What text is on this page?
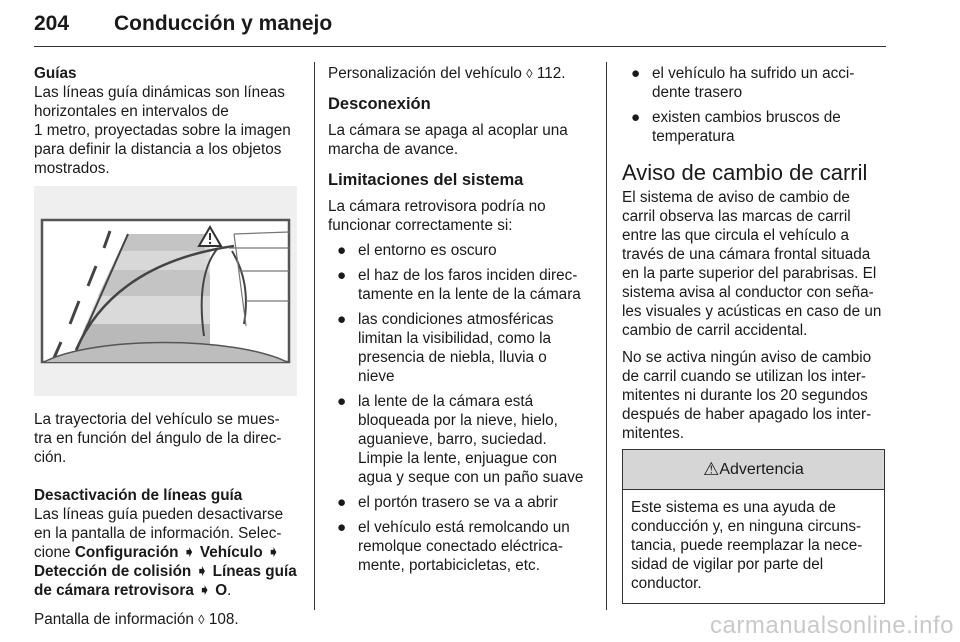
204 Conducción y manejo

Guías

Las líneas guía dinámicas son líneas

horizontales en intervalos de

1 metro, proyectadas sobre la imagen

para definir la distancia a los objetos

mostrados.

La trayectoria del vehículo se mues-

tra en función del ángulo de la direc-

ción.

Desactivación de líneas guía

Las líneas guía pueden desactivarse

en la pantalla de información. Selec-

cione Configuración ➧ Vehículo ➧

Detección de colisión ➧ Líneas guía

de cámara retrovisora ➧ O.

Pantalla de información ◊ 108.

Personalización del vehículo ◊ 112.

Desconexión

La cámara se apaga al acoplar una

marcha de avance.

Limitaciones del sistema

La cámara retrovisora podría no

funcionar correctamente si:

● el entorno es oscuro
● el haz de los faros inciden direc-
tamente en la lente de la cámara
● las condiciones atmosféricas
limitan la visibilidad, como la
presencia de niebla, lluvia o
nieve
● la lente de la cámara está
bloqueada por la nieve, hielo,
aguanieve, barro, suciedad.
Limpie la lente, enjuague con
agua y seque con un paño suave
● el portón trasero se va a abrir
● el vehículo está remolcando un
remolque conectado eléctrica-
mente, portabicicletas, etc.
● el vehículo ha sufrido un acci-
dente trasero
● existen cambios bruscos de
temperatura

Aviso de cambio de carril

El sistema de aviso de cambio de

carril observa las marcas de carril

entre las que circula el vehículo a

través de una cámara frontal situada

en la parte superior del parabrisas. El

sistema avisa al conductor con seña-

les visuales y acústicas en caso de un

cambio de carril accidental.

No se activa ningún aviso de cambio

de carril cuando se utilizan los inter-

mitentes ni durante los 20 segundos

después de haber apagado los inter-

mitentes.

⚠ Advertencia

Este sistema es una ayuda de

conducción y, en ninguna circuns-

tancia, puede reemplazar la nece-

sidad de vigilar por parte del

conductor.

carmanualsonline.info
